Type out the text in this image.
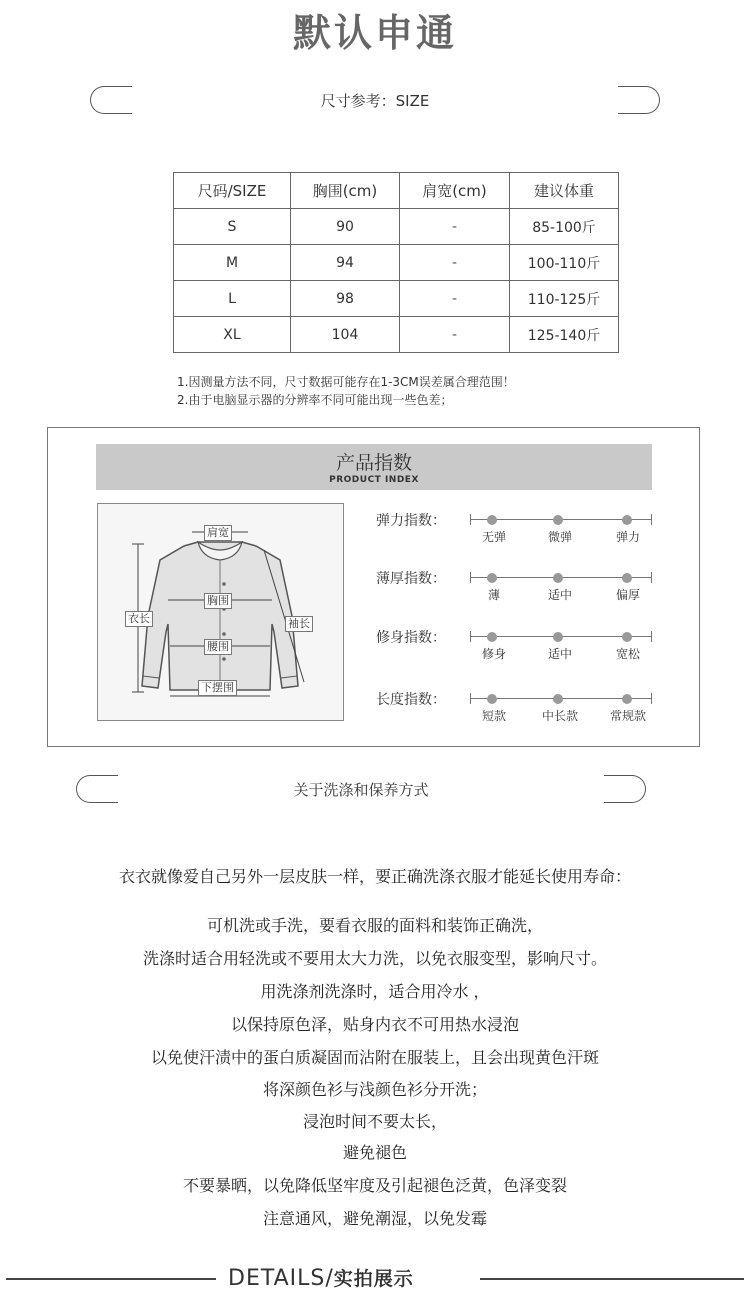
默认申通
尺寸参考：SIZE
尺码/SIZE	胸围(cm)	肩宽(cm)	建议体重
S	90	-	85-100斤
M	94	-	100-110斤
L	98	-	110-125斤
XL	104	-	125-140斤
1.因测量方法不同，尺寸数据可能存在1-3CM误差属合理范围！
2.由于电脑显示器的分辨率不同可能出现一些色差；
产品指数
PRODUCT INDEX
肩宽
胸围
衣长	袖长
腰围
下摆围
弹力指数：
无弹	微弹	弹力
薄厚指数：
薄	适中	偏厚
修身指数：
修身	适中	宽松
长度指数：
短款	中长款	常规款
关于洗涤和保养方式
衣衣就像爱自己另外一层皮肤一样，要正确洗涤衣服才能延长使用寿命：
可机洗或手洗，要看衣服的面料和装饰正确洗，
洗涤时适合用轻洗或不要用太大力洗，以免衣服变型，影响尺寸。
用洗涤剂洗涤时，适合用冷水 ，
以保持原色泽，贴身内衣不可用热水浸泡
以免使汗渍中的蛋白质凝固而沾附在服装上，且会出现黄色汗斑
将深颜色衫与浅颜色衫分开洗；
浸泡时间不要太长，
避免褪色
不要暴晒，以免降低坚牢度及引起褪色泛黄，色泽变裂
注意通风，避免潮湿，以免发霉
DETAILS/实拍展示
